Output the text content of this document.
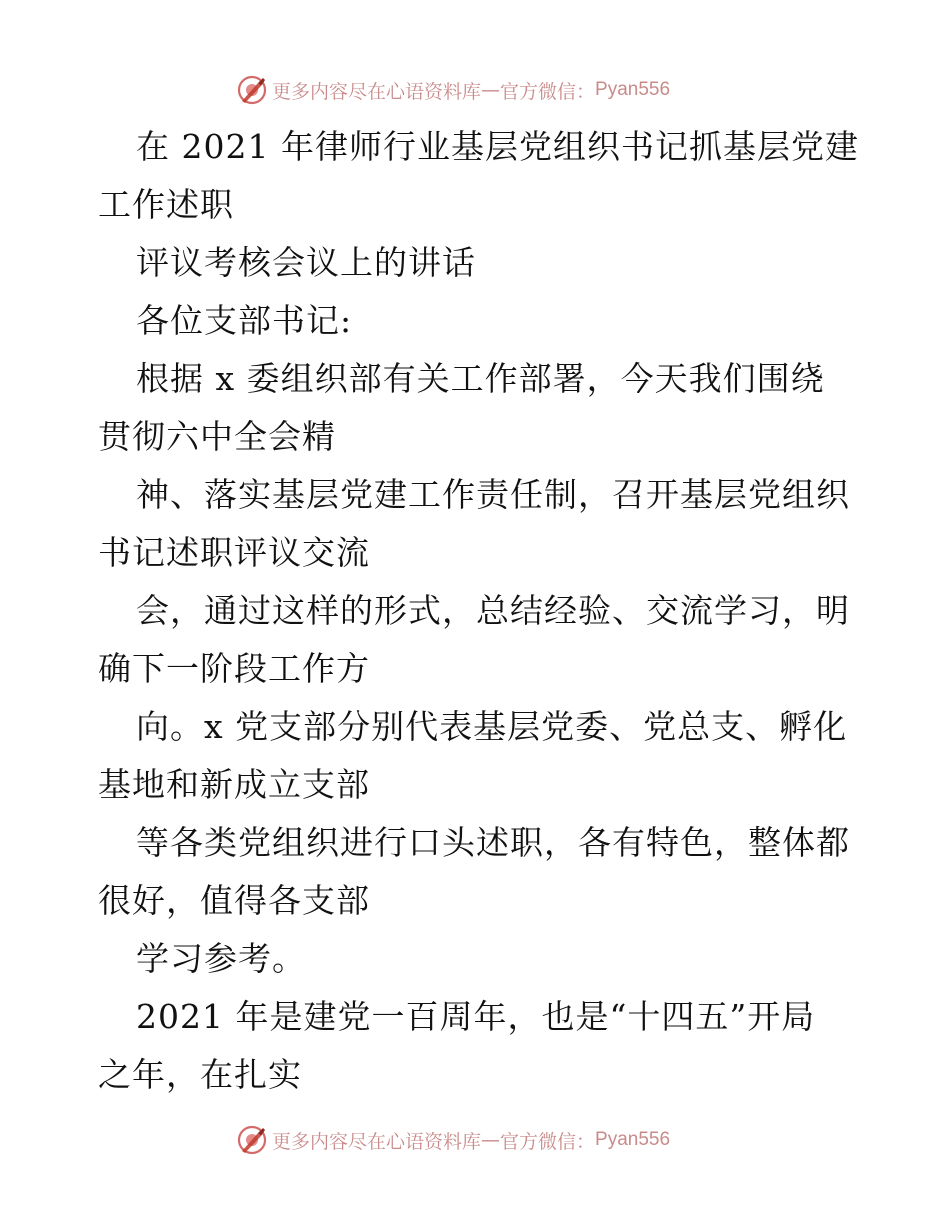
更多内容尽在心语资料库 — 官方微信： Pyan556
在 2021 年律师行业基层党组织书记抓基层党建
工作述职
评议考核会议上的讲话
各位支部书记:
根据 x 委组织部有关工作部署，今天我们围绕
贯彻六中全会精
神、落实基层党建工作责任制，召开基层党组织
书记述职评议交流
会，通过这样的形式，总结经验、交流学习，明
确下一阶段工作方
向。x 党支部分别代表基层党委、党总支、孵化
基地和新成立支部
等各类党组织进行口头述职，各有特色，整体都
很好，值得各支部
学习参考。
2021 年是建党一百周年，也是“十四五”开局
之年，在扎实
更多内容尽在心语资料库 — 官方微信： Pyan556
